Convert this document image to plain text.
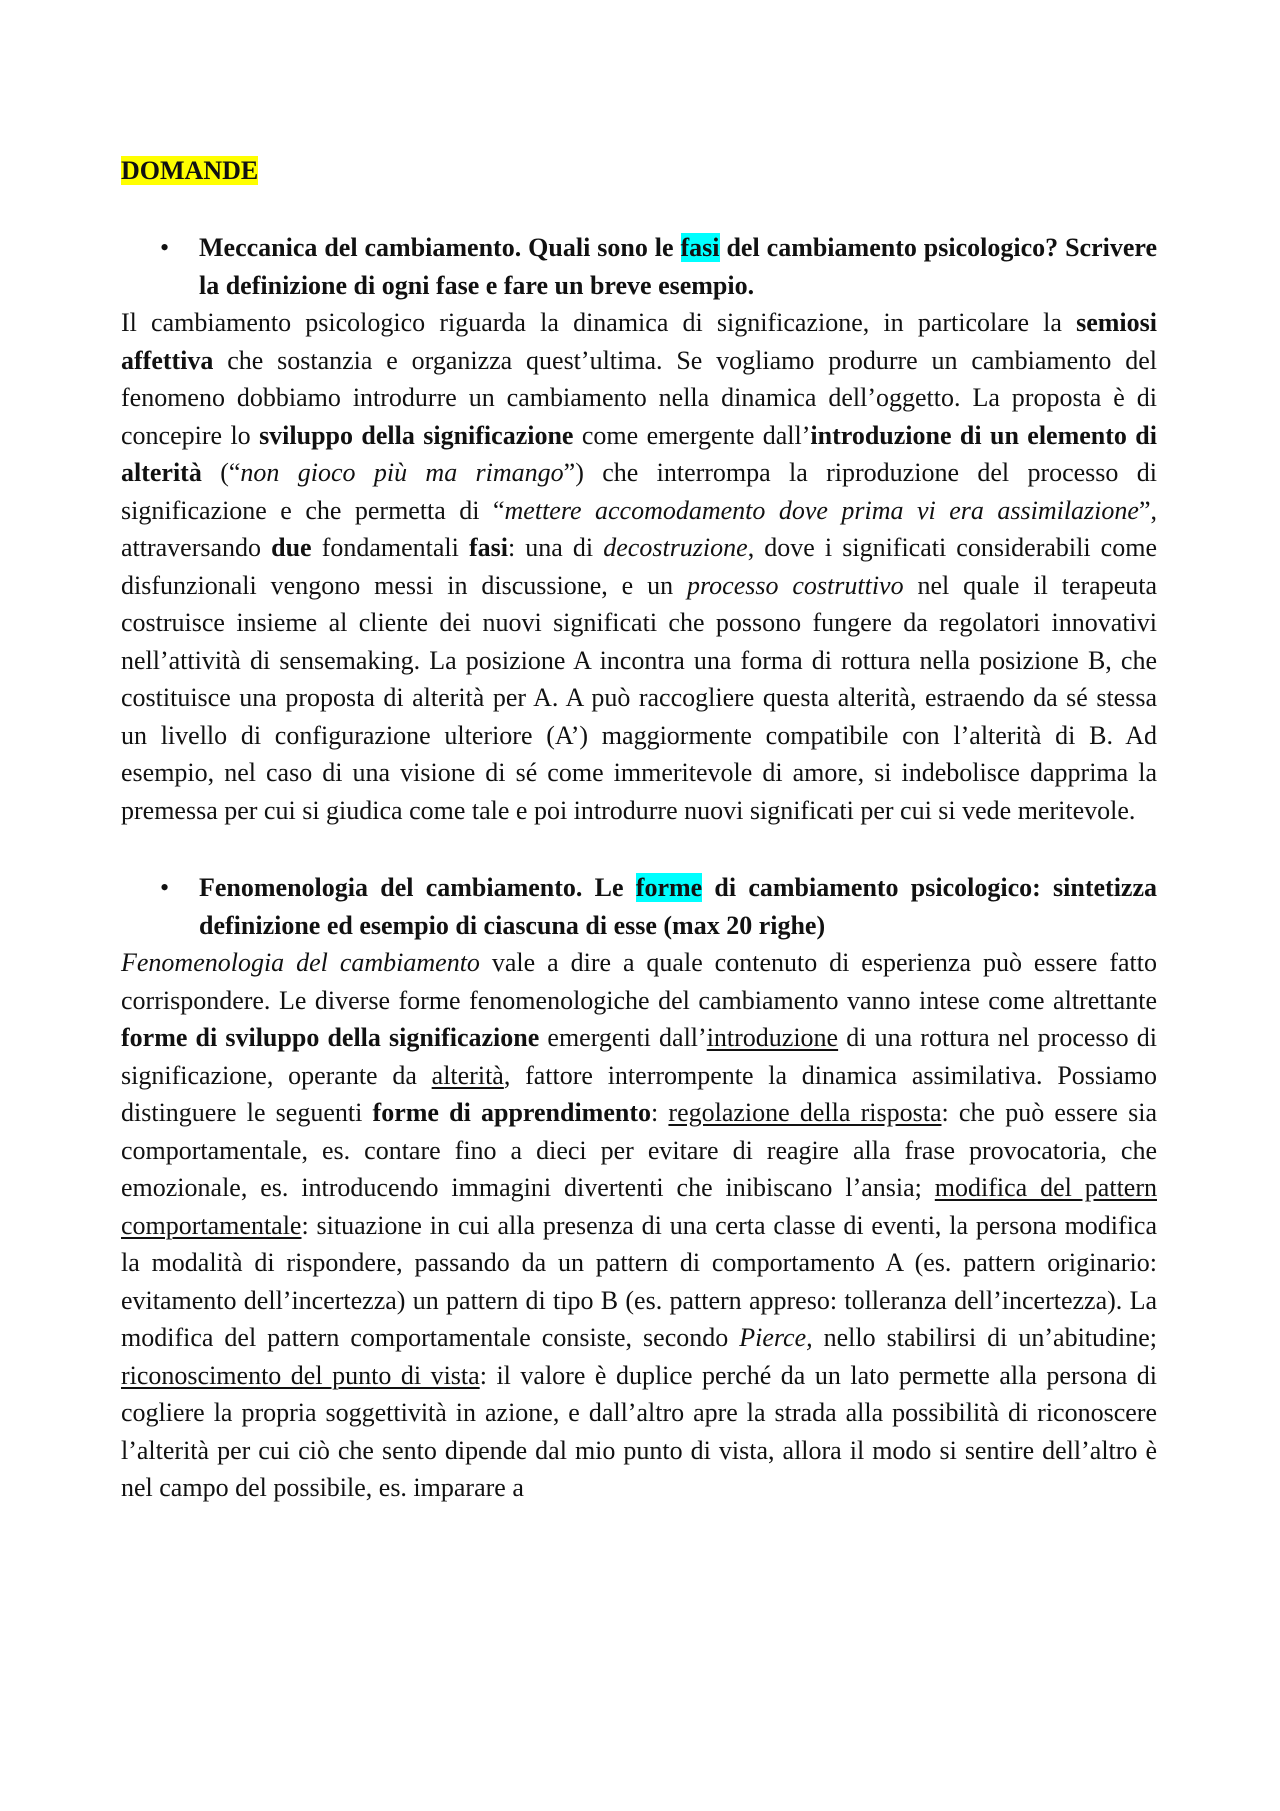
DOMANDE

•	Meccanica del cambiamento. Quali sono le fasi del cambiamento psicologico? Scrivere la definizione di ogni fase e fare un breve esempio.

Il cambiamento psicologico riguarda la dinamica di significazione, in particolare la semiosi affettiva che sostanzia e organizza quest’ultima. Se vogliamo produrre un cambiamento del fenomeno dobbiamo introdurre un cambiamento nella dinamica dell’oggetto. La proposta è di concepire lo sviluppo della significazione come emergente dall’introduzione di un elemento di alterità (“non gioco più ma rimango”) che interrompa la riproduzione del processo di significazione e che permetta di “mettere accomodamento dove prima vi era assimilazione”, attraversando due fondamentali fasi: una di decostruzione, dove i significati considerabili come disfunzionali vengono messi in discussione, e un processo costruttivo nel quale il terapeuta costruisce insieme al cliente dei nuovi significati che possono fungere da regolatori innovativi nell’attività di sensemaking. La posizione A incontra una forma di rottura nella posizione B, che costituisce una proposta di alterità per A. A può raccogliere questa alterità, estraendo da sé stessa un livello di configurazione ulteriore (A’) maggiormente compatibile con l’alterità di B. Ad esempio, nel caso di una visione di sé come immeritevole di amore, si indebolisce dapprima la premessa per cui si giudica come tale e poi introdurre nuovi significati per cui si vede meritevole.

•	Fenomenologia del cambiamento. Le forme di cambiamento psicologico: sintetizza definizione ed esempio di ciascuna di esse (max 20 righe)

Fenomenologia del cambiamento vale a dire a quale contenuto di esperienza può essere fatto corrispondere. Le diverse forme fenomenologiche del cambiamento vanno intese come altrettante forme di sviluppo della significazione emergenti dall’introduzione di una rottura nel processo di significazione, operante da alterità, fattore interrompente la dinamica assimilativa. Possiamo distinguere le seguenti forme di apprendimento: regolazione della risposta: che può essere sia comportamentale, es. contare fino a dieci per evitare di reagire alla frase provocatoria, che emozionale, es. introducendo immagini divertenti che inibiscano l’ansia; modifica del pattern comportamentale: situazione in cui alla presenza di una certa classe di eventi, la persona modifica la modalità di rispondere, passando da un pattern di comportamento A (es. pattern originario: evitamento dell’incertezza) un pattern di tipo B (es. pattern appreso: tolleranza dell’incertezza). La modifica del pattern comportamentale consiste, secondo Pierce, nello stabilirsi di un’abitudine; riconoscimento del punto di vista: il valore è duplice perché da un lato permette alla persona di cogliere la propria soggettività in azione, e dall’altro apre la strada alla possibilità di riconoscere l’alterità per cui ciò che sento dipende dal mio punto di vista, allora il modo si sentire dell’altro è nel campo del possibile, es. imparare a
